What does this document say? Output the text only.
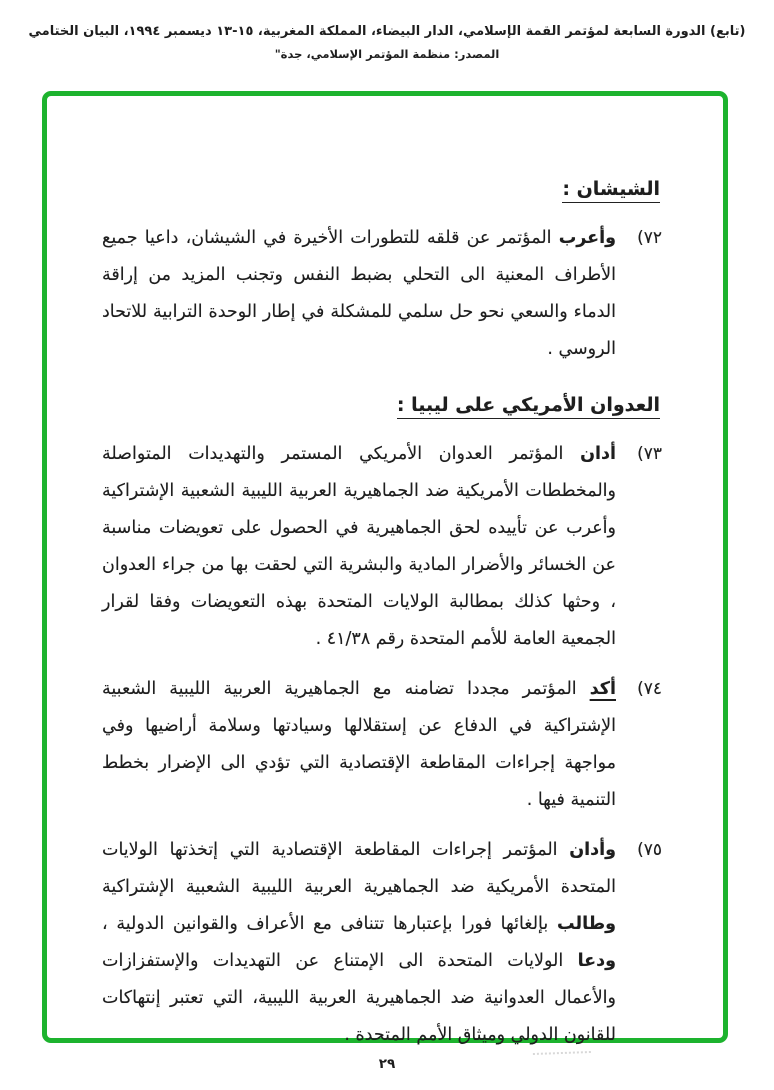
(تابع) الدورة السابعة لمؤتمر القمة الإسلامي، الدار البيضاء، المملكة المغربية، ١٣‎-‎١٥ ديسمبر ١٩٩٤، البيان الختامي
المصدر: منظمة المؤتمر الإسلامي، جدة"
الشيشان :
٧٢)
وأعرب المؤتمر عن قلقه للتطورات الأخيرة في الشيشان، داعيا جميع الأطراف المعنية الى التحلي بضبط النفس وتجنب المزيد من إراقة الدماء والسعي نحو حل سلمي للمشكلة في إطار الوحدة الترابية للاتحاد الروسي .
العدوان الأمريكي على ليبيا :
٧٣)
أدان المؤتمر العدوان الأمريكي المستمر والتهديدات المتواصلة والمخططات الأمريكية ضد الجماهيرية العربية الليبية الشعبية الإشتراكية وأعرب عن تأييده لحق الجماهيرية في الحصول على تعويضات مناسبة عن الخسائر والأضرار المادية والبشرية التي لحقت بها من جراء العدوان ، وحثها كذلك بمطالبة الولايات المتحدة بهذه التعويضات وفقا لقرار الجمعية العامة للأمم المتحدة رقم ٤١/٣٨ .
٧٤)
أكد المؤتمر مجددا تضامنه مع الجماهيرية العربية الليبية الشعبية الإشتراكية في الدفاع عن إستقلالها وسيادتها وسلامة أراضيها وفي مواجهة إجراءات المقاطعة الإقتصادية التي تؤدي الى الإضرار بخطط التنمية فيها .
٧٥)
وأدان المؤتمر إجراءات المقاطعة الإقتصادية التي إتخذتها الولايات المتحدة الأمريكية ضد الجماهيرية العربية الليبية الشعبية الإشتراكية وطالب بإلغائها فورا بإعتبارها تتنافى مع الأعراف والقوانين الدولية ، ودعا الولايات المتحدة الى الإمتناع عن التهديدات والإستفزازات والأعمال العدوانية ضد الجماهيرية العربية الليبية، التي تعتبر إنتهاكات للقانون الدولي وميثاق الأمم المتحدة .
٢٩
